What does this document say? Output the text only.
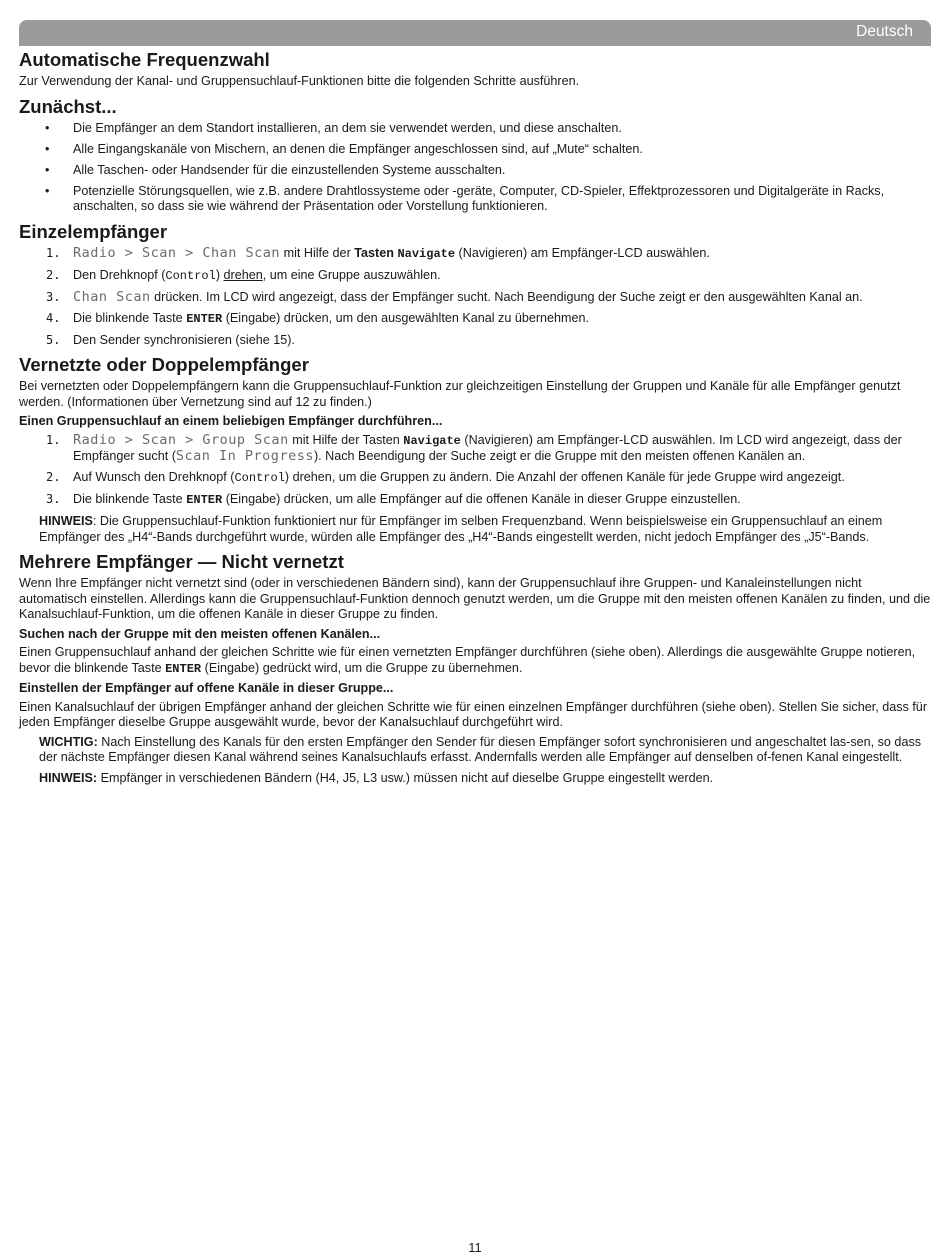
Deutsch
Automatische Frequenzwahl

Zur Verwendung der Kanal- und Gruppensuchlauf-Funktionen bitte die folgenden Schritte ausführen.

Zunächst...
• Die Empfänger an dem Standort installieren, an dem sie verwendet werden, und diese anschalten.
• Alle Eingangskanäle von Mischern, an denen die Empfänger angeschlossen sind, auf „Mute“ schalten.
• Alle Taschen- oder Handsender für die einzustellenden Systeme ausschalten.
• Potenzielle Störungsquellen, wie z.B. andere Drahtlossysteme oder -geräte, Computer, CD-Spieler, Effektprozessoren und Digitalgeräte in Racks, anschalten, so dass sie wie während der Präsentation oder Vorstellung funktionieren.
Einzelempfänger
1. Radio > Scan > Chan Scan mit Hilfe der Tasten Navigate (Navigieren) am Empfänger-LCD auswählen.
2. Den Drehknopf (Control) drehen, um eine Gruppe auszuwählen.
3. Chan Scan drücken. Im LCD wird angezeigt, dass der Empfänger sucht. Nach Beendigung der Suche zeigt er den ausgewählten Kanal an.
4. Die blinkende Taste ENTER (Eingabe) drücken, um den ausgewählten Kanal zu übernehmen.
5. Den Sender synchronisieren (siehe 15).
Vernetzte oder Doppelempfänger

Bei vernetzten oder Doppelempfängern kann die Gruppensuchlauf-Funktion zur gleichzeitigen Einstellung der Gruppen und Kanäle für alle Empfänger genutzt werden. (Informationen über Vernetzung sind auf 12 zu finden.)

Einen Gruppensuchlauf an einem beliebigen Empfänger durchführen...
1. Radio > Scan > Group Scan mit Hilfe der Tasten Navigate (Navigieren) am Empfänger-LCD auswählen. Im LCD wird angezeigt, dass der Empfänger sucht (Scan In Progress). Nach Beendigung der Suche zeigt er die Gruppe mit den meisten offenen Kanälen an.
2. Auf Wunsch den Drehknopf (Control) drehen, um die Gruppen zu ändern. Die Anzahl der offenen Kanäle für jede Gruppe wird angezeigt.
3. Die blinkende Taste ENTER (Eingabe) drücken, um alle Empfänger auf die offenen Kanäle in dieser Gruppe einzustellen.

HINWEIS: Die Gruppensuchlauf-Funktion funktioniert nur für Empfänger im selben Frequenzband. Wenn beispielsweise ein Gruppensuchlauf an einem Empfänger des „H4“-Bands durchgeführt wurde, würden alle Empfänger des „H4“-Bands eingestellt werden, nicht jedoch Empfänger des „J5“-Bands.

Mehrere Empfänger — Nicht vernetzt

Wenn Ihre Empfänger nicht vernetzt sind (oder in verschiedenen Bändern sind), kann der Gruppensuchlauf ihre Gruppen- und Kanaleinstellungen nicht automatisch einstellen. Allerdings kann die Gruppensuchlauf-Funktion dennoch genutzt werden, um die Gruppe mit den meisten offenen Kanälen zu finden, und die Kanalsuchlauf-Funktion, um die offenen Kanäle in dieser Gruppe zu finden.

Suchen nach der Gruppe mit den meisten offenen Kanälen...

Einen Gruppensuchlauf anhand der gleichen Schritte wie für einen vernetzten Empfänger durchführen (siehe oben). Allerdings die ausgewählte Gruppe notieren, bevor die blinkende Taste ENTER (Eingabe) gedrückt wird, um die Gruppe zu übernehmen.

Einstellen der Empfänger auf offene Kanäle in dieser Gruppe...

Einen Kanalsuchlauf der übrigen Empfänger anhand der gleichen Schritte wie für einen einzelnen Empfänger durchführen (siehe oben). Stellen Sie sicher, dass für jeden Empfänger dieselbe Gruppe ausgewählt wurde, bevor der Kanalsuchlauf durchgeführt wird.

WICHTIG: Nach Einstellung des Kanals für den ersten Empfänger den Sender für diesen Empfänger sofort synchronisieren und angeschaltet las-sen, so dass der nächste Empfänger diesen Kanal während seines Kanalsuchlaufs erfasst. Andernfalls werden alle Empfänger auf denselben of-fenen Kanal eingestellt.

HINWEIS: Empfänger in verschiedenen Bändern (H4, J5, L3 usw.) müssen nicht auf dieselbe Gruppe eingestellt werden.

11
